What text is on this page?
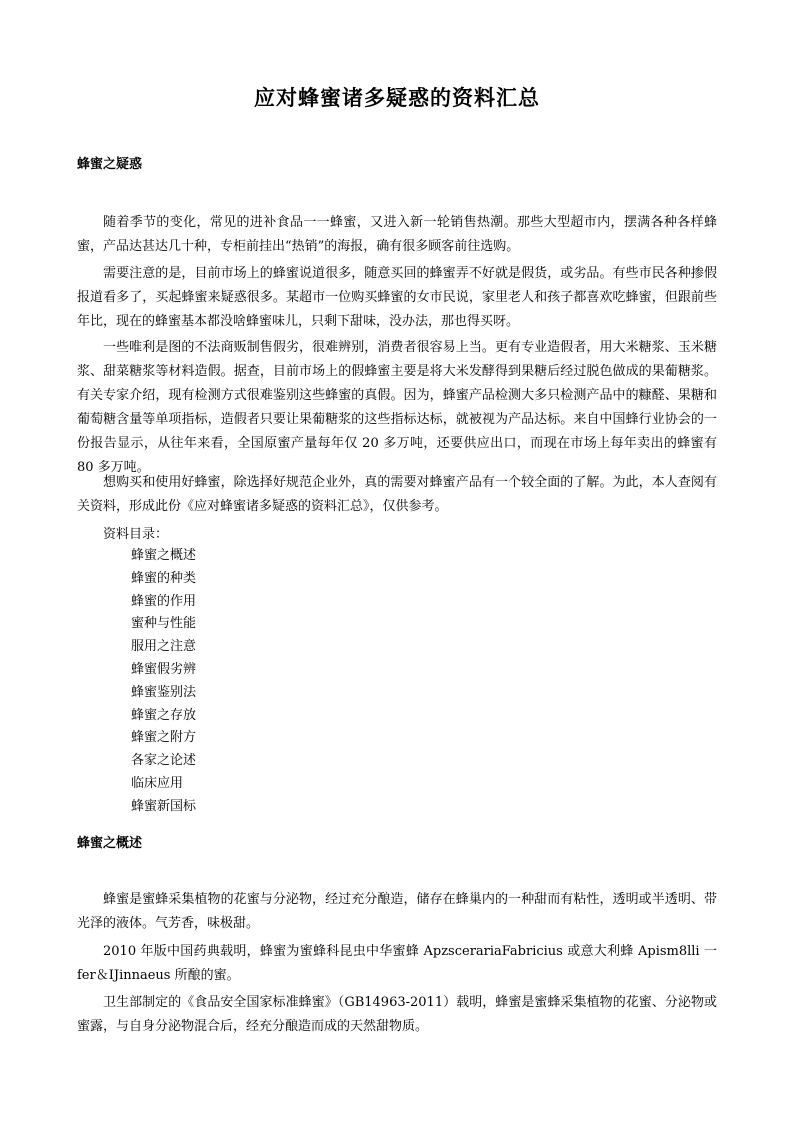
应对蜂蜜诸多疑惑的资料汇总
蜂蜜之疑惑

随着季节的变化，常见的进补食品一一蜂蜜，又进入新一轮销售热潮。那些大型超市内，摆满各种各样蜂蜜，产品达甚达几十种，专柜前挂出“热销”的海报，确有很多顾客前往选购。

需要注意的是，目前市场上的蜂蜜说道很多，随意买回的蜂蜜弄不好就是假货，或劣品。有些市民各种掺假报道看多了，买起蜂蜜来疑惑很多。某超市一位购买蜂蜜的女市民说，家里老人和孩子都喜欢吃蜂蜜，但跟前些年比，现在的蜂蜜基本都没啥蜂蜜味儿，只剩下甜味，没办法，那也得买呀。

一些唯利是图的不法商贩制售假劣，很难辨别，消费者很容易上当。更有专业造假者，用大米糖浆、玉米糖浆、甜菜糖浆等材料造假。据查，目前市场上的假蜂蜜主要是将大米发酵得到果糖后经过脱色做成的果葡糖浆。有关专家介绍，现有检测方式很难鉴别这些蜂蜜的真假。因为，蜂蜜产品检测大多只检测产品中的糠醛、果糖和葡萄糖含量等单项指标，造假者只要让果葡糖浆的这些指标达标，就被视为产品达标。来自中国蜂行业协会的一份报告显示，从往年来看，全国原蜜产量每年仅 20 多万吨，还要供应出口，而现在市场上每年卖出的蜂蜜有 80 多万吨。

想购买和使用好蜂蜜，除选择好规范企业外，真的需要对蜂蜜产品有一个较全面的了解。为此，本人查阅有关资料，形成此份《应对蜂蜜诸多疑惑的资料汇总》，仅供参考。

资料目录：
蜂蜜之概述
蜂蜜的种类
蜂蜜的作用
蜜种与性能
服用之注意
蜂蜜假劣辨
蜂蜜鉴别法
蜂蜜之存放
蜂蜜之附方
各家之论述
临床应用
蜂蜜新国标
蜂蜜之概述

蜂蜜是蜜蜂采集植物的花蜜与分泌物，经过充分酿造，储存在蜂巢内的一种甜而有粘性，透明或半透明、带光泽的液体。气芳香，味极甜。

2010 年版中国药典载明，蜂蜜为蜜蜂科昆虫中华蜜蜂 ApzscerariaFabricius 或意大利蜂 Apism8lli 一fer＆IJinnaeus 所酿的蜜。

卫生部制定的《食品安全国家标准蜂蜜》（GB14963-2011）载明，蜂蜜是蜜蜂采集植物的花蜜、分泌物或蜜露，与自身分泌物混合后，经充分酿造而成的天然甜物质。
